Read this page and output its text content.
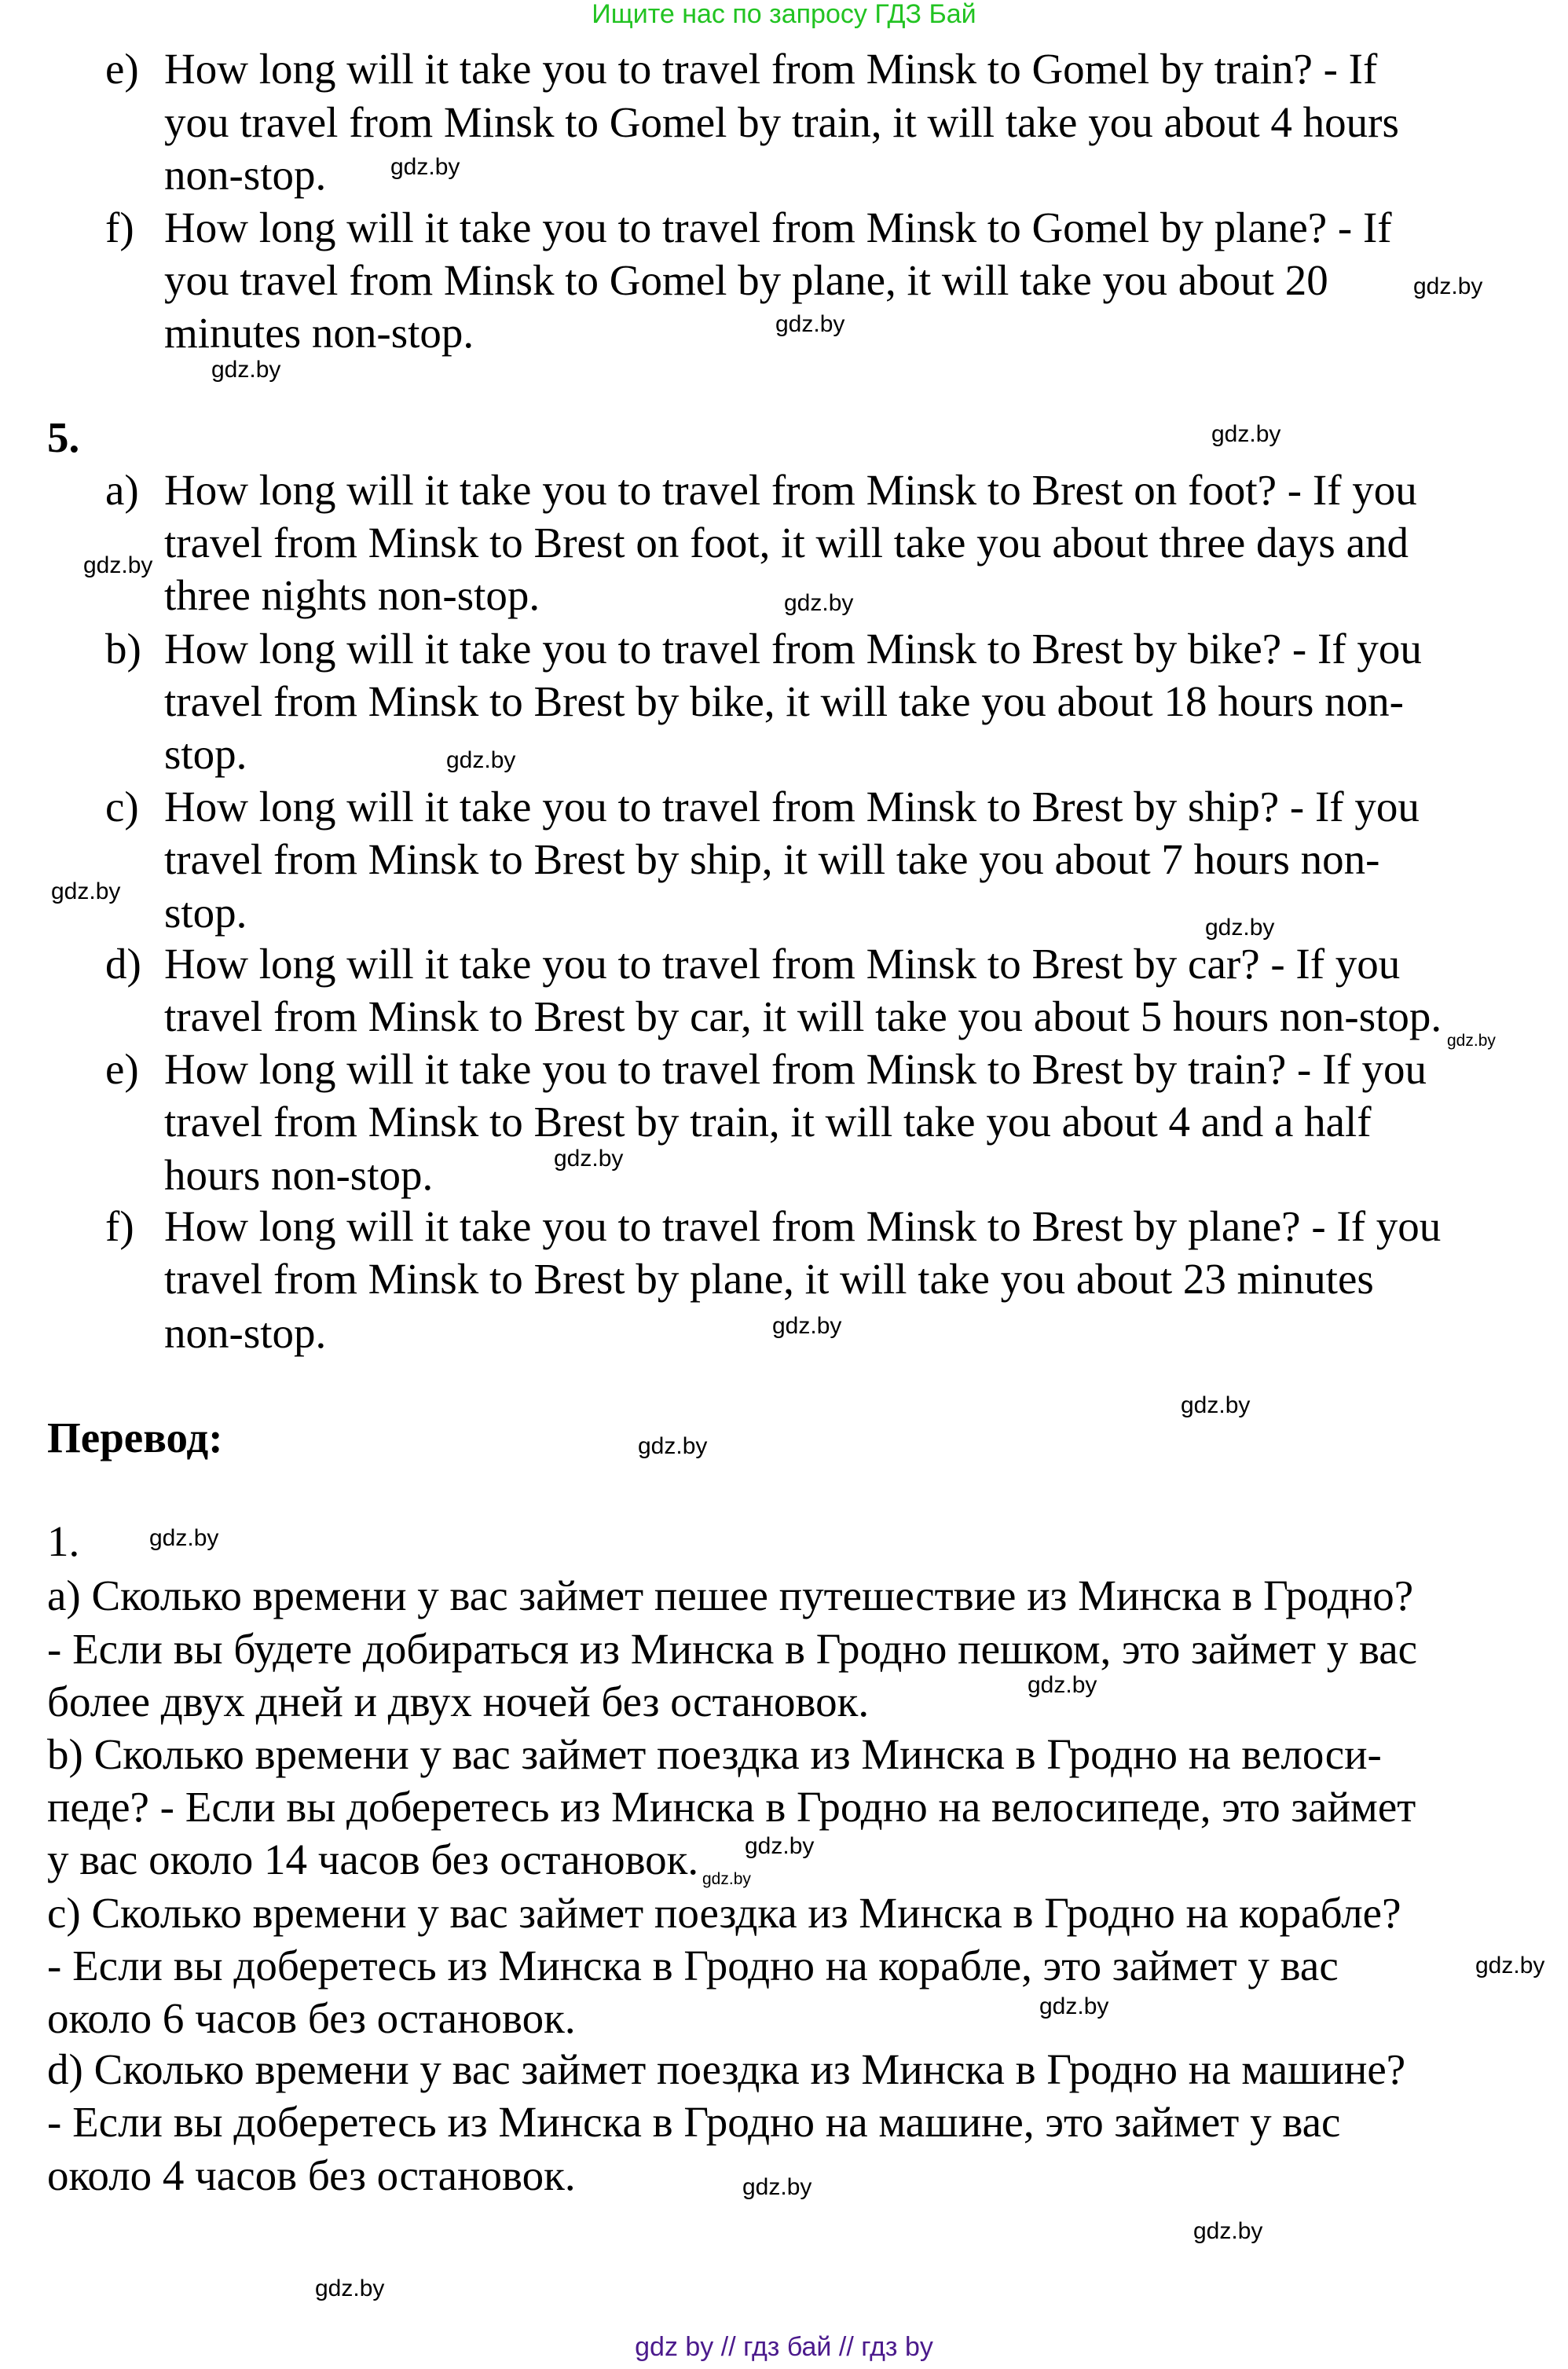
Ищите нас по запросу ГДЗ Бай
e) How long will it take you to travel from Minsk to Gomel by train? - If
you travel from Minsk to Gomel by train, it will take you about 4 hours
non-stop.
f) How long will it take you to travel from Minsk to Gomel by plane? - If
you travel from Minsk to Gomel by plane, it will take you about 20
minutes non-stop.
a) How long will it take you to travel from Minsk to Brest on foot? - If you
travel from Minsk to Brest on foot, it will take you about three days and
three nights non-stop.
b) How long will it take you to travel from Minsk to Brest by bike? - If you
travel from Minsk to Brest by bike, it will take you about 18 hours non-
stop.
c) How long will it take you to travel from Minsk to Brest by ship? - If you
travel from Minsk to Brest by ship, it will take you about 7 hours non-
stop.
d) How long will it take you to travel from Minsk to Brest by car? - If you
travel from Minsk to Brest by car, it will take you about 5 hours non-stop.
e) How long will it take you to travel from Minsk to Brest by train? - If you
travel from Minsk to Brest by train, it will take you about 4 and a half
hours non-stop.
f) How long will it take you to travel from Minsk to Brest by plane? - If you
travel from Minsk to Brest by plane, it will take you about 23 minutes
non-stop.
5.
Перевод:
1.
a) Сколько времени у вас займет пешее путешествие из Минска в Гродно?
- Если вы будете добираться из Минска в Гродно пешком, это займет у вас
более двух дней и двух ночей без остановок.
b) Сколько времени у вас займет поездка из Минска в Гродно на велоси-
педе? - Если вы доберетесь из Минска в Гродно на велосипеде, это займет
у вас около 14 часов без остановок.
c) Сколько времени у вас займет поездка из Минска в Гродно на корабле?
- Если вы доберетесь из Минска в Гродно на корабле, это займет у вас
около 6 часов без остановок.
d) Сколько времени у вас займет поездка из Минска в Гродно на машине?
- Если вы доберетесь из Минска в Гродно на машине, это займет у вас
около 4 часов без остановок.
gdz.by
gdz.by
gdz.by
gdz.by
gdz.by
gdz.by
gdz.by
gdz.by
gdz.by
gdz.by
gdz.by
gdz.by
gdz.by
gdz.by
gdz.by
gdz.by
gdz.by
gdz.by
gdz.by
gdz.by
gdz.by
gdz.by
gdz.by
gdz.by
gdz by // гдз бай // гдз by
